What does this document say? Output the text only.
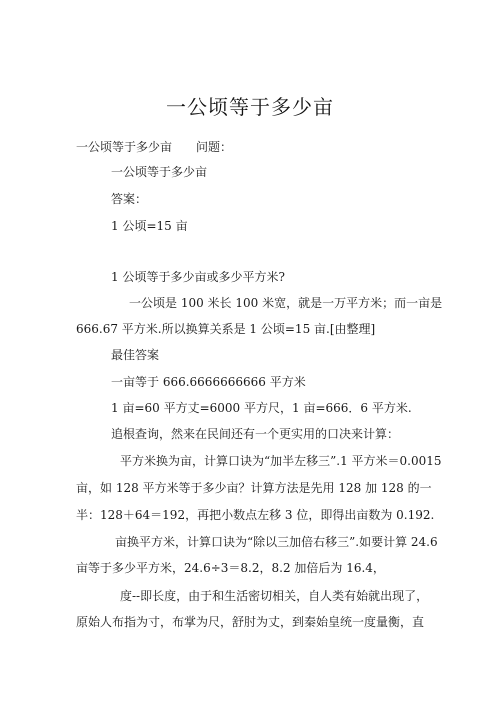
一公顷等于多少亩
一公顷等于多少亩　　问题：
一公顷等于多少亩
答案：
1 公顷=15 亩
1 公顷等于多少亩或多少平方米?
一公顷是 100 米长 100 米宽，就是一万平方米；而一亩是
666.67 平方米.所以换算关系是 1 公顷=15 亩.[由整理]
最佳答案
一亩等于 666.6666666666 平方米
1 亩=60 平方丈=6000 平方尺，1 亩=666．6 平方米.
追根查询，然来在民间还有一个更实用的口决来计算：
平方米换为亩，计算口诀为“加半左移三”.1 平方米＝0.0015
亩，如 128 平方米等于多少亩？计算方法是先用 128 加 128 的一
半：128＋64＝192，再把小数点左移 3 位，即得出亩数为 0.192.
亩换平方米，计算口诀为“除以三加倍右移三”.如要计算 24.6
亩等于多少平方米，24.6÷3＝8.2，8.2 加倍后为 16.4，
度--即长度，由于和生活密切相关，自人类有始就出现了，
原始人布指为寸，布掌为尺，舒肘为丈，到秦始皇统一度量衡，直
